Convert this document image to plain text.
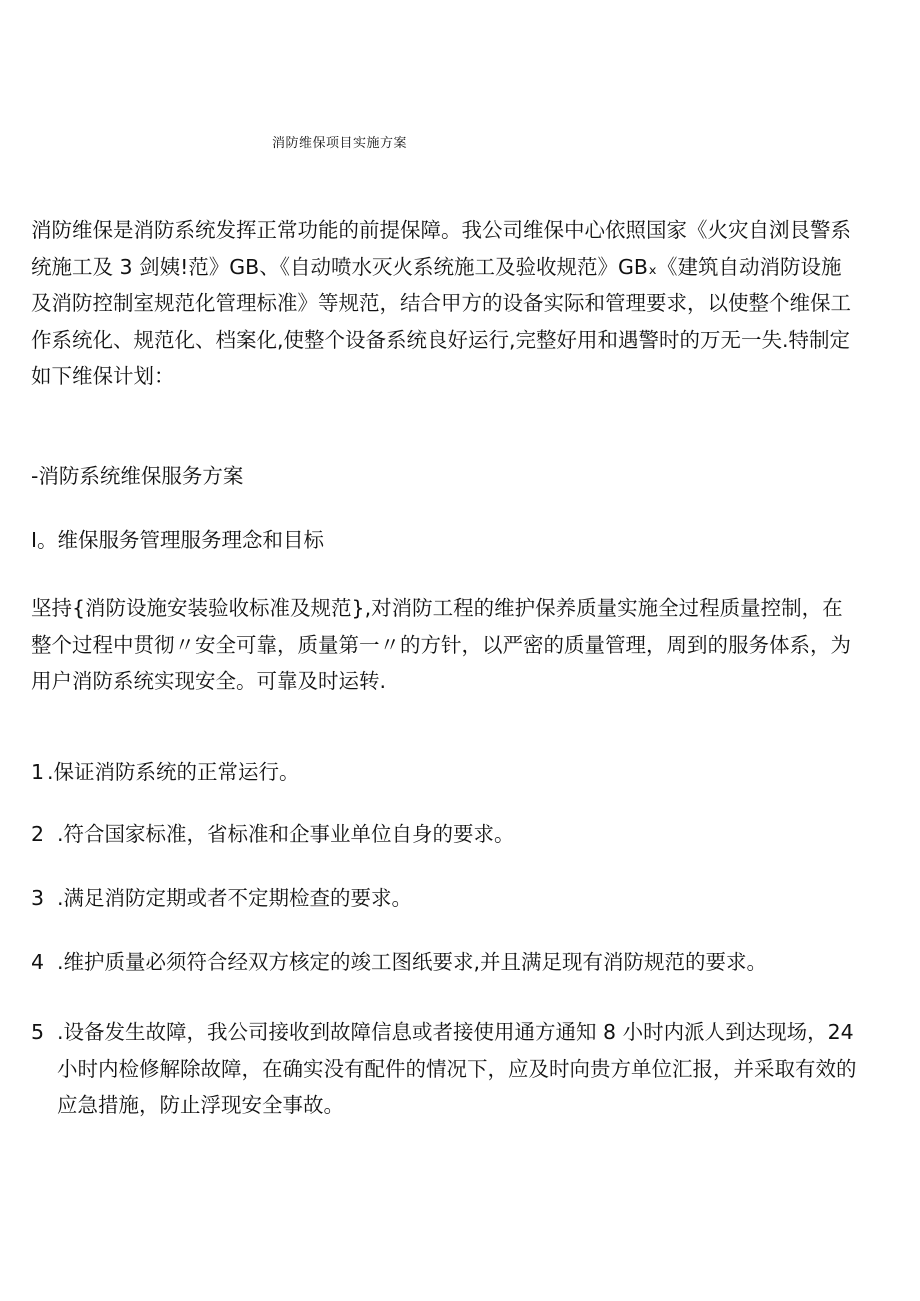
消防维保项目实施方案
消防维保是消防系统发挥正常功能的前提保障。我公司维保中心依照国家《火灾自浏艮警系
统施工及 3 剑姨!范》GB、《自动喷水灭火系统施工及验收规范》GBₓ《建筑自动消防设施
及消防控制室规范化管理标准》等规范，结合甲方的设备实际和管理要求，以使整个维保工
作系统化、规范化、档案化,使整个设备系统良好运行,完整好用和遇警时的万无一失.特制定
如下维保计划：
-消防系统维保服务方案
I。维保服务管理服务理念和目标
坚持{消防设施安装验收标准及规范},对消防工程的维护保养质量实施全过程质量控制，在
整个过程中贯彻〃安全可靠，质量第一〃的方针，以严密的质量管理，周到的服务体系，为
用户消防系统实现安全。可靠及时运转.
1 .保证消防系统的正常运行。
2 .符合国家标准，省标准和企事业单位自身的要求。
3 .满足消防定期或者不定期检查的要求。
4 .维护质量必须符合经双方核定的竣工图纸要求,并且满足现有消防规范的要求。
5 .设备发生故障，我公司接收到故障信息或者接使用通方通知 8 小时内派人到达现场，24
小时内检修解除故障，在确实没有配件的情况下，应及时向贵方单位汇报，并采取有效的
应急措施，防止浮现安全事故。
